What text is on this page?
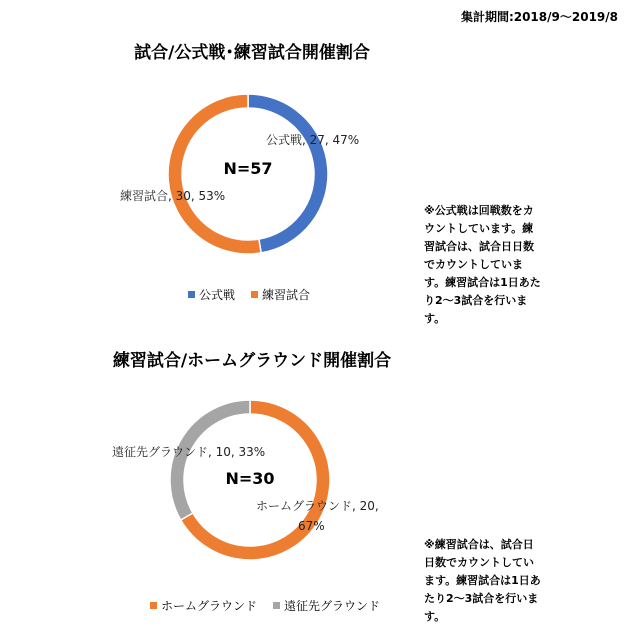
集計期間:2018/9～2019/8
試合/公式戦･練習試合開催割合
練習試合/ホームグラウンド開催割合
N=57
N=30
公式戦, 27, 47%
練習試合, 30, 53%
遠征先グラウンド, 10, 33%
ホームグラウンド, 20,
67%
公式戦 練習試合
ホームグラウンド 遠征先グラウンド
※公式戦は回戦数をカウントしています。練習試合は、試合日日数でカウントしています。練習試合は1日あたり2～3試合を行います。
※練習試合は、試合日日数でカウントしています。練習試合は1日あたり2～3試合を行います。
